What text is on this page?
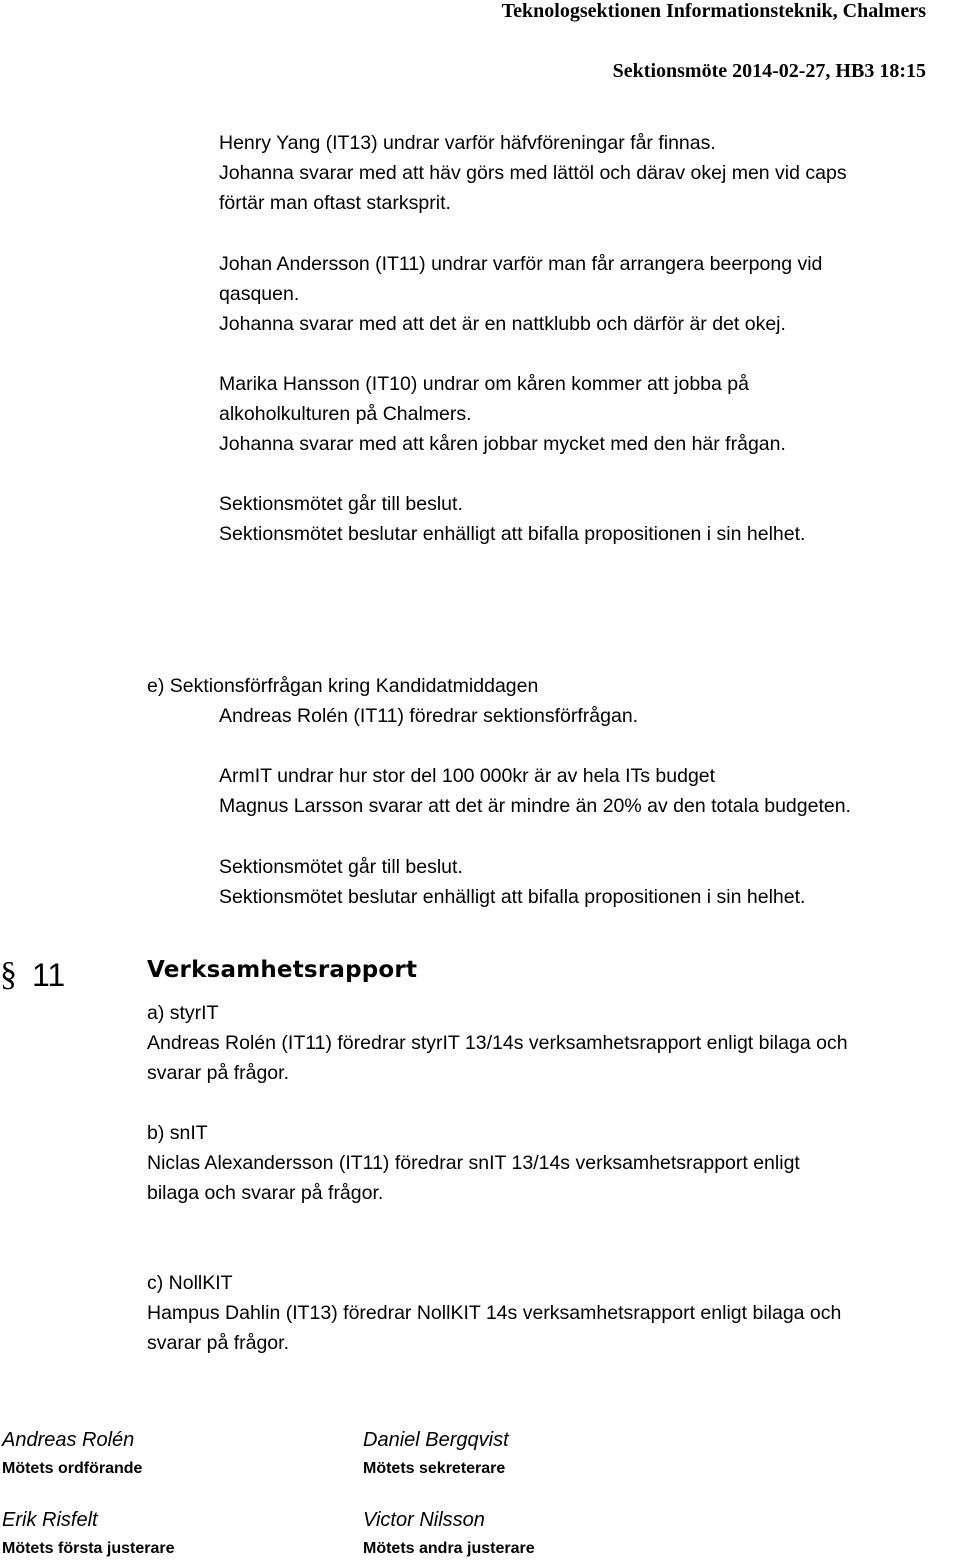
Teknologsektionen Informationsteknik, Chalmers
Sektionsmöte 2014-02-27, HB3 18:15

Henry Yang (IT13) undrar varför häfvföreningar får finnas.

Johanna svarar med att häv görs med lättöl och därav okej men vid caps

förtär man oftast starksprit.

Johan Andersson (IT11) undrar varför man får arrangera beerpong vid

qasquen.

Johanna svarar med att det är en nattklubb och därför är det okej.

Marika Hansson (IT10) undrar om kåren kommer att jobba på

alkoholkulturen på Chalmers.

Johanna svarar med att kåren jobbar mycket med den här frågan.

Sektionsmötet går till beslut.

Sektionsmötet beslutar enhälligt att bifalla propositionen i sin helhet.

e) Sektionsförfrågan kring Kandidatmiddagen

Andreas Rolén (IT11) föredrar sektionsförfrågan.

ArmIT undrar hur stor del 100 000kr är av hela ITs budget

Magnus Larsson svarar att det är mindre än 20% av den totala budgeten.

Sektionsmötet går till beslut.

Sektionsmötet beslutar enhälligt att bifalla propositionen i sin helhet.

§ 11	Verksamhetsrapport

a) styrIT

Andreas Rolén (IT11) föredrar styrIT 13/14s verksamhetsrapport enligt bilaga och

svarar på frågor.

b) snIT

Niclas Alexandersson (IT11) föredrar snIT 13/14s verksamhetsrapport enligt

bilaga och svarar på frågor.

c) NollKIT

Hampus Dahlin (IT13) föredrar NollKIT 14s verksamhetsrapport enligt bilaga och

svarar på frågor.

Andreas Rolén
Mötets ordförande
Daniel Bergqvist
Mötets sekreterare
Erik Risfelt
Mötets första justerare
Victor Nilsson
Mötets andra justerare
